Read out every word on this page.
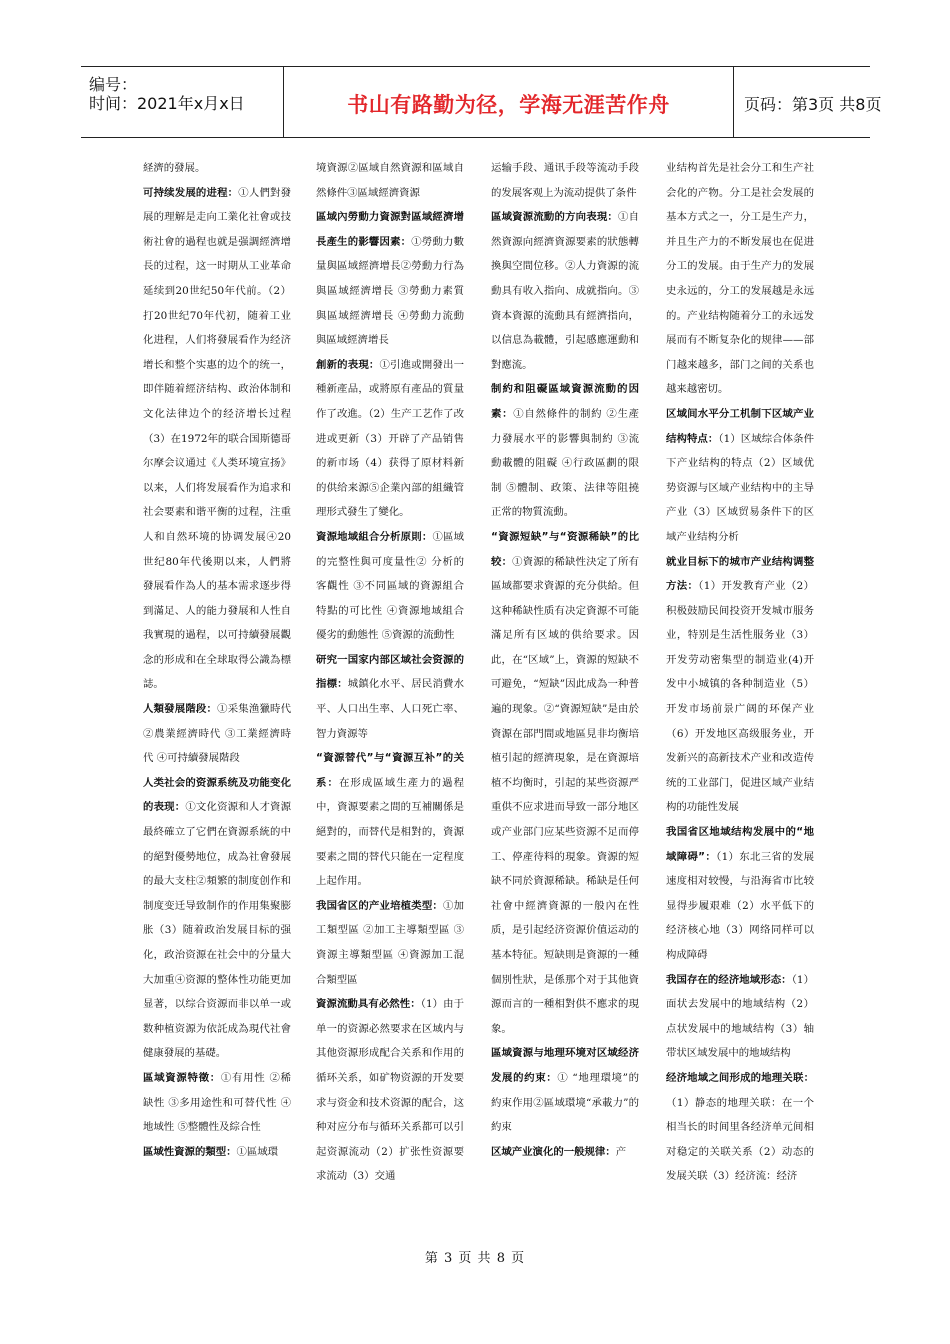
编号：
时间：2021年x月x日	书山有路勤为径，学海无涯苦作舟	页码：第3页 共8页

経濟的發展。

可持续发展的进程：①人們對發展的理解是走向工業化社會或技術社會的過程也就是强調經濟增長的过程，这一时期从工业革命延续到20世纪50年代前。（2）打20世纪70年代初，随着工业化进程，人们将發展看作为经济增长和整个实惠的边个的统一，即伴随着經济结构、政治体制和文化法律边个的经济增长过程（3）在1972年的联合国斯德哥尔摩会议通过《人类环境宣扬》以来，人们将发展看作为追求和社会要素和谐平衡的过程，注重人和自然环境的协调发展④20世纪80年代後期以来，人們將發展看作為人的基本需求逐步得到滿足、人的能力發展和人性自我實現的過程，以可持續發展觀念的形成和在全球取得公識為標誌。

人類發展階段：①采集渔獵時代 ②農業經濟時代 ③工業經濟時代 ④可持續發展階段

人类社会的资源系统及功能变化的表现：①文化资源和人才資源最終確立了它們在資源系統的中的絕對優勢地位，成為社會發展的最大支柱②頻繁的制度创作和制度变迁导致制作的作用集聚膨胀（3）随着政治发展目标的强化，政治资源在社会中的分量大大加重④资源的整体性功能更加显著，以综合资源而非以单一或数种植资源为依託成為現代社會健康發展的基礎。

區域資源特徵：①有用性 ②稀缺性 ③多用途性和可替代性 ④地域性 ⑤整體性及綜合性

區域性資源的類型：①區域環

境資源②區域自然資源和區域自然條件③區域經濟資源

區域內勞動力資源對區域經濟增長產生的影響因素：①勞動力數量與區域經濟增長②勞動力行為與區域經濟增長 ③勞動力素質與區域經濟增長 ④勞動力流動與區域經濟增長

創新的表現：①引進或開發出一種新產品，或將原有產品的質量作了改進。（2）生产工艺作了改进或更新（3）开辟了产品销售的新市场（4）获得了原材料新的供给来源⑤企業內部的組織管理形式發生了變化。

資源地域組合分析原則：①區域的完整性與可度量性② 分析的客觀性 ③不同區域的資源組合特點的可比性 ④資源地域組合優劣的動態性 ⑤資源的流動性

研究一国家内部区域社会资源的指標：城鎮化水平、居民消費水平、人口出生率、人口死亡率、智力資源等

“資源替代”与“資源互补”的关系：在形成區域生產力的過程中，資源要素之間的互補關係是絕對的，而替代是相對的，資源要素之間的替代只能在一定程度上起作用。

我国省区的产业培植类型：①加工類型區 ②加工主導類型區 ③資源主導類型區 ④資源加工混合類型區

資源流動具有必然性：（1）由于单一的资源必然要求在区域内与其他资源形成配合关系和作用的循环关系，如矿物资源的开发要求与资金和技术资源的配合，这种对应分布与循环关系都可以引起资源流动（2）扩张性资源要求流动（3）交通

运输手段、通讯手段等流动手段的发展客观上为流动提供了条件

區域資源流動的方向表現：①自然資源向經濟資源要素的狀態轉換與空間位移。②人力資源的流動具有收入指向、成就指向。③資本資源的流動具有經濟指向，以信息為載體，引起感應運動和對應流。

制約和阻礙區域資源流動的因素：①自然條件的制約 ②生產力發展水平的影響與制約 ③流動載體的阻礙 ④行政區劃的限制 ⑤體制、政策、法律等阻撓正常的物質流動。

“資源短缺”与“资源稀缺”的比较：①資源的稀缺性決定了所有區域都要求資源的充分供給。但这种稀缺性质有决定資源不可能滿足所有区域的供给要求。因此，在“区域”上，資源的短缺不可避免，“短缺”因此成為一种普遍的现象。②“資源短缺”是由於資源在部門間或地區見非均衡培植引起的經濟現象，是在資源培植不均衡时，引起的某些资源严重供不应求进而导致一部分地区或产业部门应某些资源不足而停工、停產待料的現象。資源的短缺不同於資源稀缺。稀缺是任何社會中經濟資源的一般內在性质，是引起经济资源价值运动的基本特征。短缺則是資源的一種個別性狀，是係那个对于其他資源而言的一種相對供不應求的現象。

區域資源与地理环境对区域经济发展的约束：① “地理環境”的約束作用②區域環境“承載力”的約束

区域产业演化的一般规律：产

业结构首先是社会分工和生产社会化的产物。分工是社会发展的基本方式之一，分工是生产力，并且生产力的不断发展也在促进分工的发展。由于生产力的发展史永远的，分工的发展越是永远的。产业结构随着分工的永远发展而有不断复杂化的规律——部门越来越多，部门之间的关系也越来越密切。

区域间水平分工机制下区域产业结构特点：（1）区域综合体条件下产业结构的特点（2）区域优势资源与区域产业结构中的主导产业（3）区域贸易条件下的区域产业结构分析

就业目标下的城市产业结构调整方法：（1）开发教育产业（2）积极鼓励民间投资开发城市服务业，特别是生活性服务业（3）开发劳动密集型的制造业(4)开发中小城镇的各种制造业（5）开发市场前景广阔的环保产业（6）开发地区高级服务业，开发新兴的高新技术产业和改造传统的工业部门，促进区域产业结构的功能性发展

我国省区地域结构发展中的“地域障碍”：（1）东北三省的发展速度相对较慢，与沿海省市比较显得步履艰难（2）水平低下的经济核心地（3）网络同样可以构成障碍

我国存在的经济地域形态：（1）面状去发展中的地域结构（2）点状发展中的地域结构（3）轴带状区域发展中的地域结构

经济地域之间形成的地理关联：（1）静态的地理关联：在一个相当长的时间里各经济单元间相对稳定的关联关系（2）动态的发展关联（3）经济流：经济

第 3 页 共 8 页
